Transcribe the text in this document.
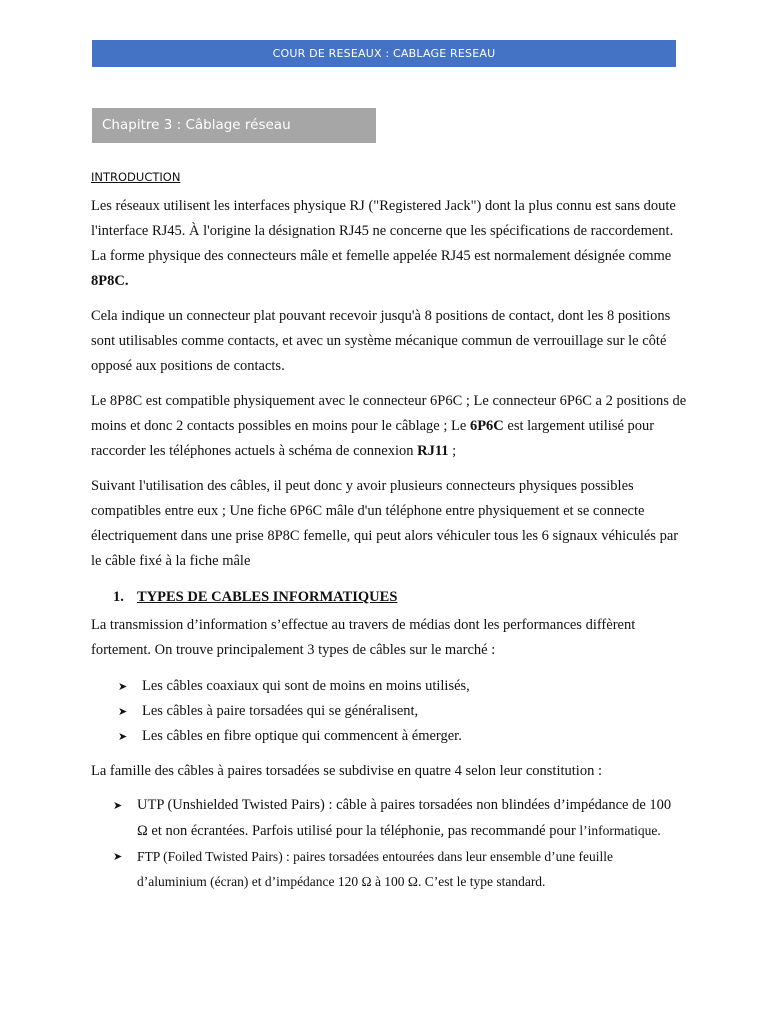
COUR DE RESEAUX : CABLAGE RESEAU
Chapitre 3 : Câblage réseau
INTRODUCTION

Les réseaux utilisent les interfaces physique RJ ("Registered Jack") dont la plus connu est sans doute l'interface RJ45. À l'origine la désignation RJ45 ne concerne que les spécifications de raccordement. La forme physique des connecteurs mâle et femelle appelée RJ45 est normalement désignée comme 8P8C.

Cela indique un connecteur plat pouvant recevoir jusqu'à 8 positions de contact, dont les 8 positions sont utilisables comme contacts, et avec un système mécanique commun de verrouillage sur le côté opposé aux positions de contacts.

Le 8P8C est compatible physiquement avec le connecteur 6P6C ; Le connecteur 6P6C a 2 positions de moins et donc 2 contacts possibles en moins pour le câblage ; Le 6P6C est largement utilisé pour raccorder les téléphones actuels à schéma de connexion RJ11 ;

Suivant l'utilisation des câbles, il peut donc y avoir plusieurs connecteurs physiques possibles compatibles entre eux ; Une fiche 6P6C mâle d'un téléphone entre physiquement et se connecte électriquement dans une prise 8P8C femelle, qui peut alors véhiculer tous les 6 signaux véhiculés par le câble fixé à la fiche mâle

1. TYPES DE CABLES INFORMATIQUES

La transmission d’information s’effectue au travers de médias dont les performances diffèrent fortement. On trouve principalement 3 types de câbles sur le marché :

➤	Les câbles coaxiaux qui sont de moins en moins utilisés,
➤	Les câbles à paire torsadées qui se généralisent,
➤	Les câbles en fibre optique qui commencent à émerger.

La famille des câbles à paires torsadées se subdivise en quatre 4 selon leur constitution :

➤	UTP (Unshielded Twisted Pairs) : câble à paires torsadées non blindées d’impédance de 100 Ω et non écrantées. Parfois utilisé pour la téléphonie, pas recommandé pour l’informatique.
➤	FTP (Foiled Twisted Pairs) : paires torsadées entourées dans leur ensemble d’une feuille d’aluminium (écran) et d’impédance 120 Ω à 100 Ω. C’est le type standard.
